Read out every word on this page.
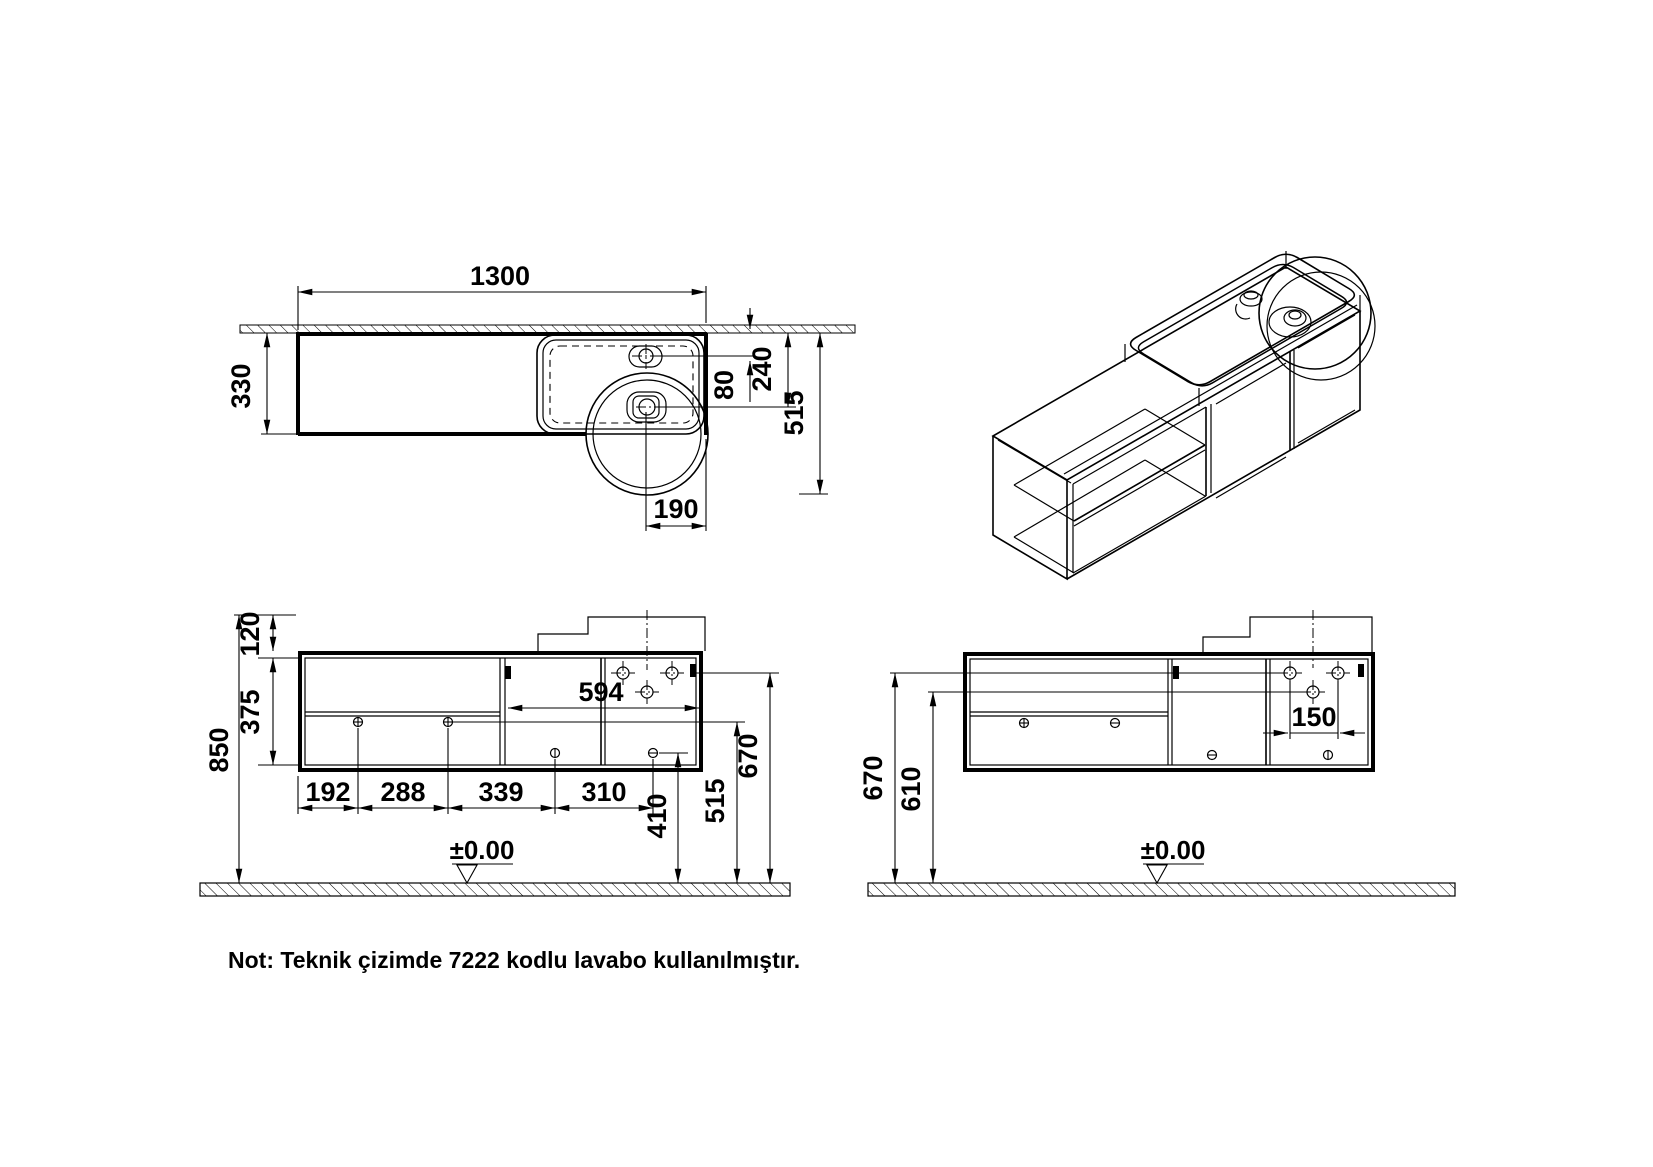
1300
330	80 240
515
190
±0.00
850
120
375	594
192 288 339 310
410 515
670
±0.00
670 610
150
Not: Teknik çizimde 7222 kodlu lavabo kullanılmıştır.
